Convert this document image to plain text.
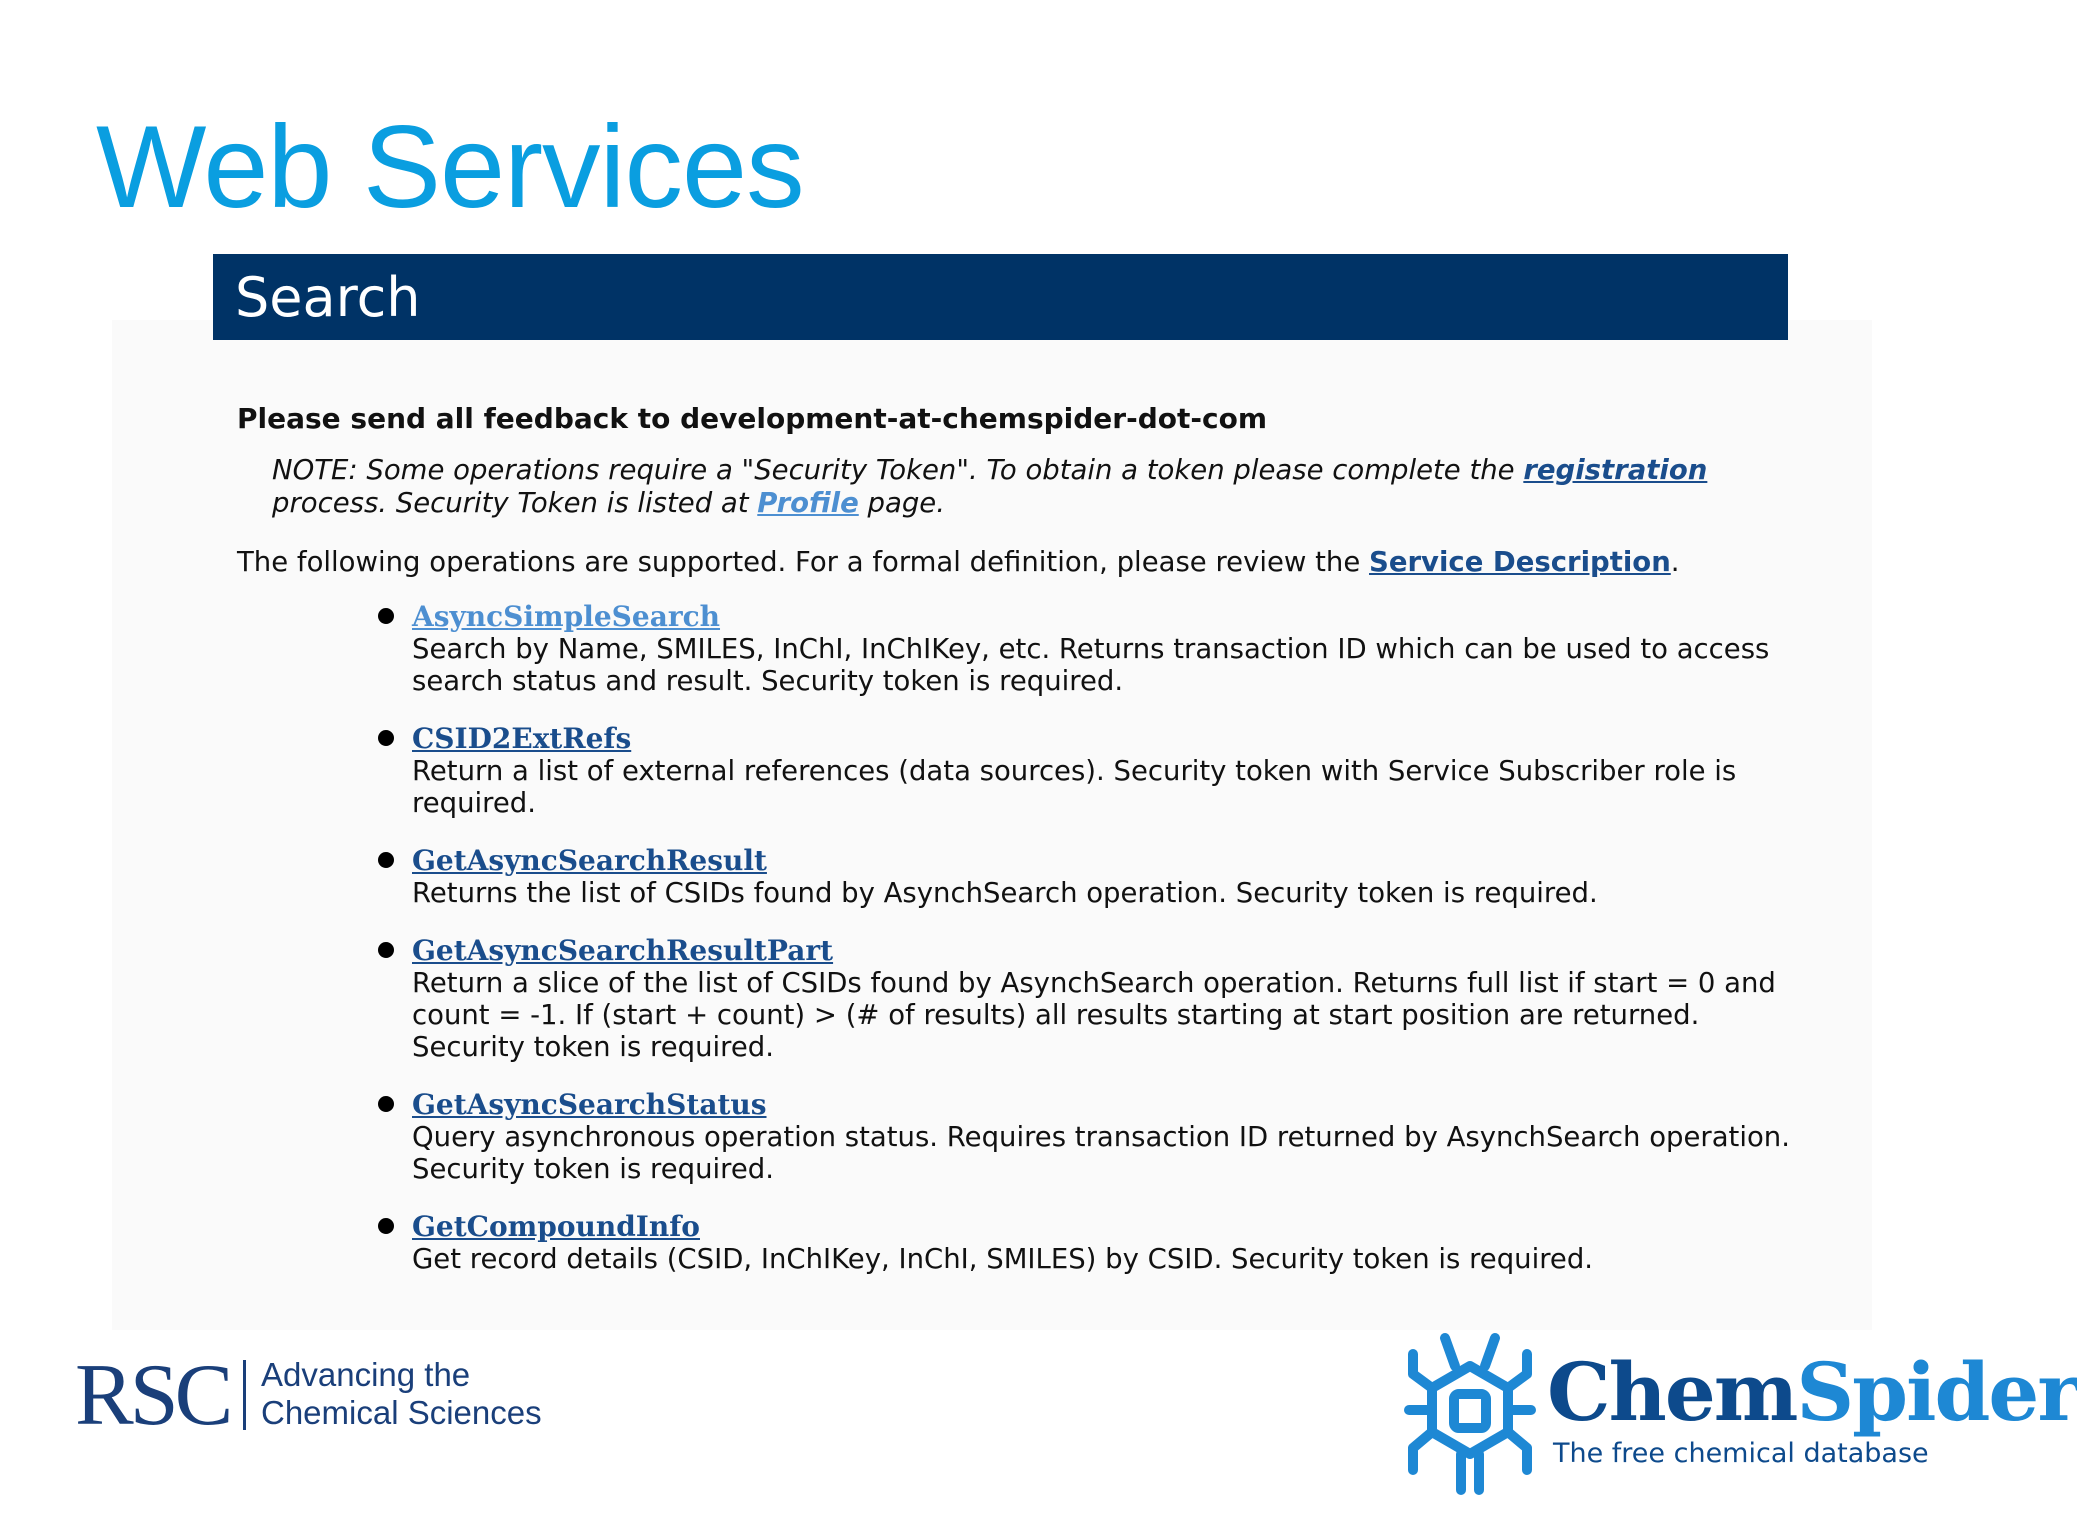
Web Services
Search

Please send all feedback to development-at-chemspider-dot-com

NOTE: Some operations require a "Security Token". To obtain a token please complete the registration process. Security Token is listed at Profile page.

The following operations are supported. For a formal definition, please review the Service Description.

AsyncSimpleSearch
Search by Name, SMILES, InChI, InChIKey, etc. Returns transaction ID which can be used to access search status and result. Security token is required.
CSID2ExtRefs
Return a list of external references (data sources). Security token with Service Subscriber role is required.
GetAsyncSearchResult
Returns the list of CSIDs found by AsynchSearch operation. Security token is required.
GetAsyncSearchResultPart
Return a slice of the list of CSIDs found by AsynchSearch operation. Returns full list if start = 0 and count = -1. If (start + count) > (# of results) all results starting at start position are returned. Security token is required.
GetAsyncSearchStatus
Query asynchronous operation status. Requires transaction ID returned by AsynchSearch operation. Security token is required.
GetCompoundInfo
Get record details (CSID, InChIKey, InChI, SMILES) by CSID. Security token is required.
RSC Advancing the
Chemical Sciences	ChemSpider
The free chemical database
